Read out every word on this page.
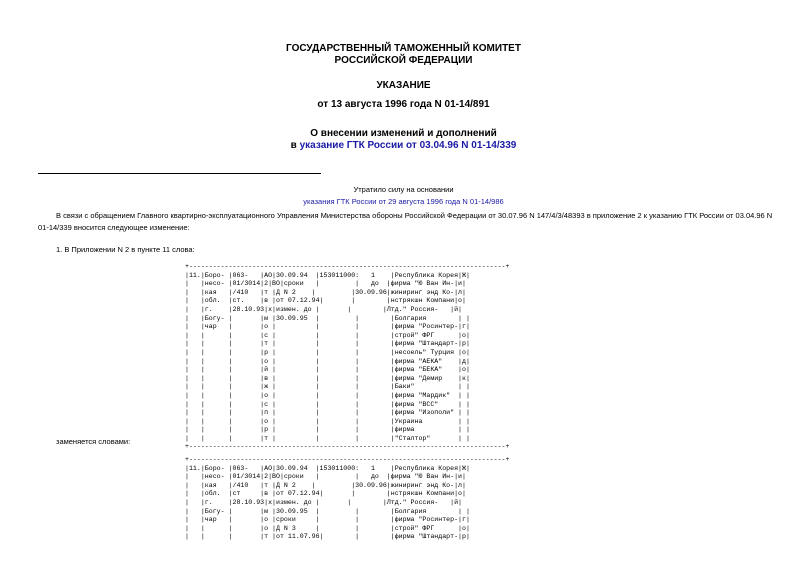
ГОСУДАРСТВЕННЫЙ ТАМОЖЕННЫЙ КОМИТЕТ
РОССИЙСКОЙ ФЕДЕРАЦИИ
УКАЗАНИЕ
от 13 августа 1996 года N 01-14/891
О внесении изменений и дополнений
в указание ГТК России от 03.04.96 N 01-14/339
Утратило силу на основании
указания ГТК России от 29 августа 1996 года N 01-14/986
В связи с обращением Главного квартирно-эксплуатационного Управления Министерства обороны Российской Федерации от 30.07.96 N 147/4/3/48393 в приложение 2 к указанию ГТК России от 03.04.96 N 01-14/339 вносится следующее изменение:
1. В Приложении N 2 в пункте 11 слова:
+--------------------------------------------------------------------------------+
|11.|Боро- |063-   |АО|30.09.94  |153011000:   1    |Республика Корея|Ж|
|   |несо- |01/3014|2|ВО|сроки   |         |   до  |фирма "Ю Ван Ин-|и|
|   |кая   |/410   |т |Д N 2    |         |30.09.96|жиниринг энд Ко-|л|
|   |обл.  |ст.    |в |от 07.12.94|       |        |нстрякшн Компани|о|
|   |г.    |28.10.93|х|измен. до |       |        |Лтд." Россия-   |й|
|   |Богу- |       |м |30.09.95  |         |        |Болгария        | |
|   |чар   |       |о |          |         |        |фирма "Росинтер-|г|
|   |      |       |с |          |         |        |строй" ФРГ      |о|
|   |      |       |т |          |         |        |фирма "Штандарт-|р|
|   |      |       |р |          |         |        |несоель" Турция |о|
|   |      |       |о |          |         |        |фирма "АЕКА"    |д|
|   |      |       |й |          |         |        |фирма "БЕКА"    |о|
|   |      |       |в |          |         |        |фирма "Демир    |к|
|   |      |       |ж |          |         |        |Баки"           | |
|   |      |       |о |          |         |        |фирма "Мардик"  | |
|   |      |       |с |          |         |        |фирма "ВСС"     | |
|   |      |       |п |          |         |        |фирма "Изополи" | |
|   |      |       |о |          |         |        |Украина         | |
|   |      |       |р |          |         |        |фирма           | |
|   |      |       |т |          |         |        |"Сталтор"       | |
+--------------------------------------------------------------------------------+
заменяется словами:
+--------------------------------------------------------------------------------+
|11.|Боро- |063-   |АО|30.09.94  |153011000:   1    |Республика Корея|Ж|
|   |несо- |01/3014|2|ВО|сроки   |         |   до  |фирма "Ю Ван Ин-|и|
|   |кая   |/410   |т |Д N 2    |         |30.09.96|жиниринг энд Ко-|л|
|   |обл.  |ст     |в |от 07.12.94|       |        |нстрякшн Компани|о|
|   |г.    |28.10.93|х|измен. до |       |        |Лтд." Россия-   |й|
|   |Богу- |       |м |30.09.95  |         |        |Болгария        | |
|   |чар   |       |о |сроки     |         |        |фирма "Росинтер-|г|
|   |      |       |о |Д N 3     |         |        |строй" ФРГ      |о|
|   |      |       |т |от 11.07.96|        |        |фирма "Штандарт-|р|
